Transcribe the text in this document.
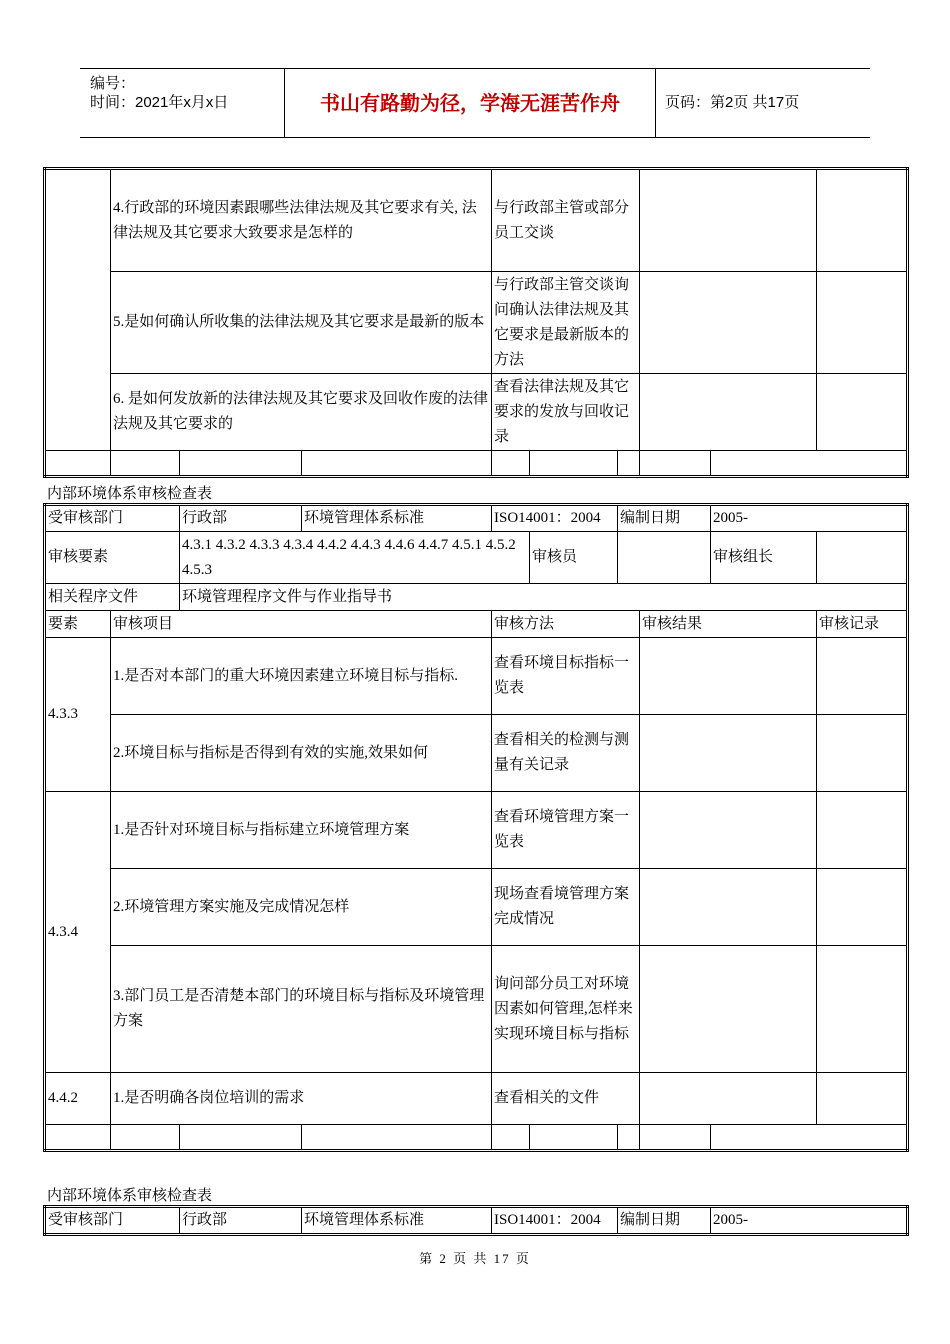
编号：
时间：2021年x月x日	书山有路勤为径，学海无涯苦作舟	页码：第2页 共17页
	4.行政部的环境因素跟哪些法律法规及其它要求有关, 法律法规及其它要求大致要求是怎样的			与行政部主管或部分员工交谈					
	5.是如何确认所收集的法律法规及其它要求是最新的版本			与行政部主管交谈询问确认法律法规及其它要求是最新版本的方法					
	6. 是如何发放新的法律法规及其它要求及回收作废的法律法规及其它要求的			查看法律法规及其它要求的发放与回收记录					

内部环境体系审核检查表
受审核部门		行政部	环境管理体系标准	ISO14001：2004		编制日期		2005-	
审核要素		4.3.1 4.3.2 4.3.3 4.3.4 4.4.2 4.4.3 4.4.6 4.4.7 4.5.1 4.5.2 4.5.3			审核员			审核组长	
相关程序文件		环境管理程序文件与作业指导书							
要素	审核项目			审核方法			审核结果		审核记录
4.3.3	1.是否对本部门的重大环境因素建立环境目标与指标.			查看环境目标指标一览表					
	2.环境目标与指标是否得到有效的实施,效果如何			查看相关的检测与测量有关记录					
4.3.4	1.是否针对环境目标与指标建立环境管理方案			查看环境管理方案一览表					
	2.环境管理方案实施及完成情况怎样			现场查看境管理方案完成情况					
	3.部门员工是否清楚本部门的环境目标与指标及环境管理方案			询问部分员工对环境因素如何管理,怎样来实现环境目标与指标					
4.4.2	1.是否明确各岗位培训的需求			查看相关的文件					

内部环境体系审核检查表
受审核部门	行政部	环境管理体系标准	ISO14001：2004	编制日期	2005-
第 2 页 共 17 页
